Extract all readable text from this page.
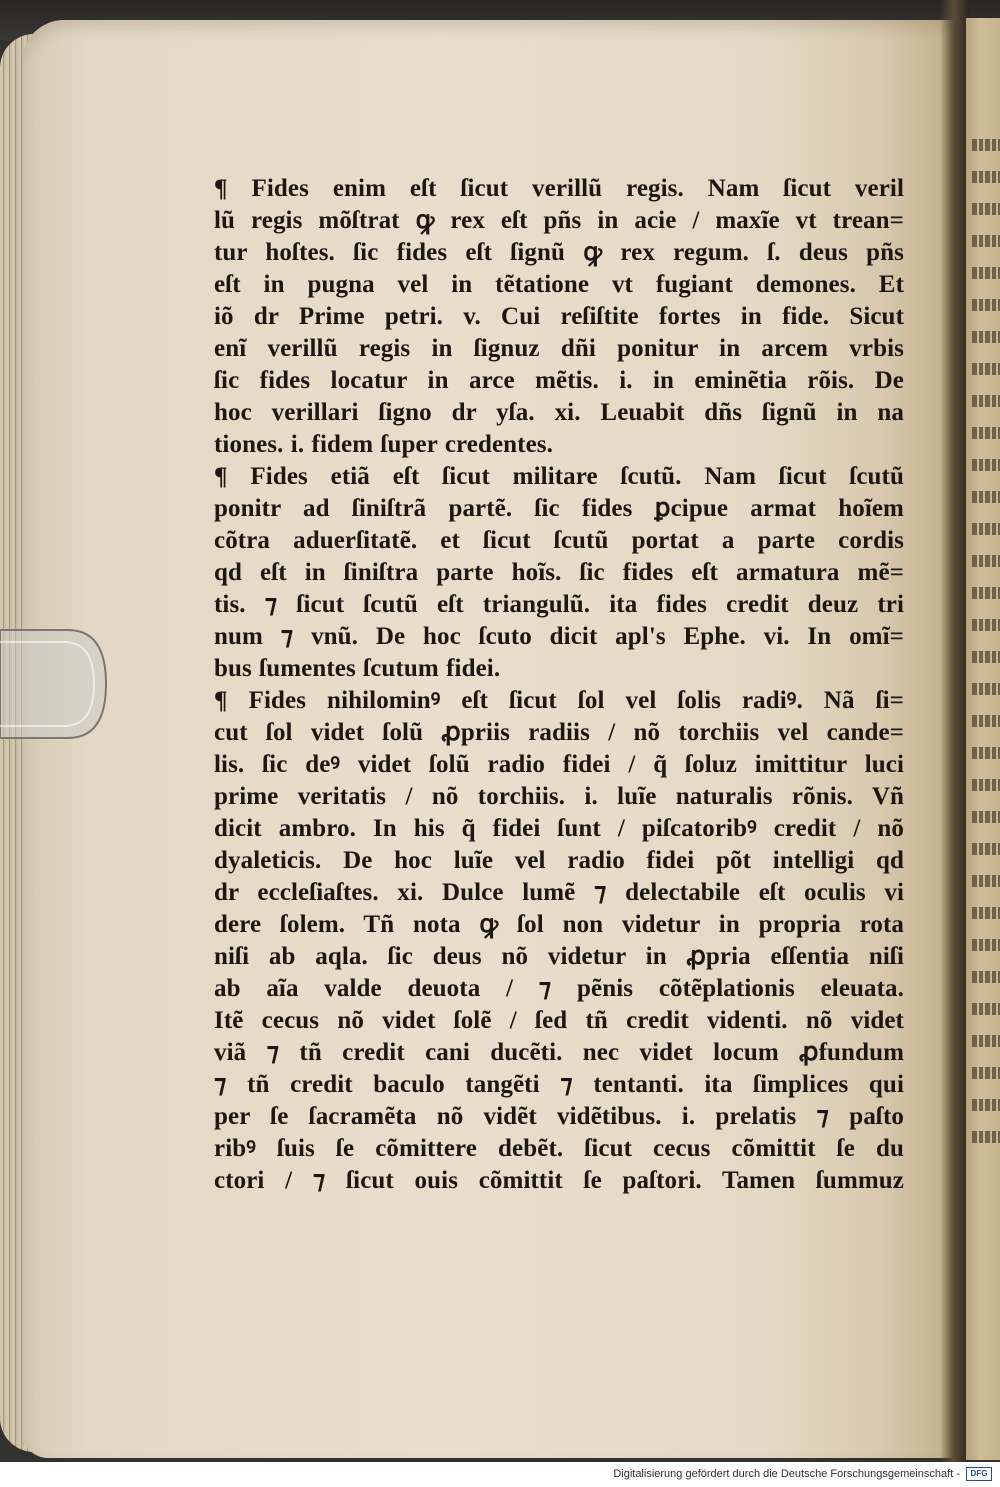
¶ Fides enim eſt ſicut verillũ regis. Nam ſicut veril
lũ regis mõſtrat ꝙ rex eſt pñs in acie / maxĩe vt trean=
tur hoſtes. ſic fides eſt ſignũ ꝙ rex regum. ſ. deus pñs
eſt in pugna vel in tẽtatione vt fugiant demones. Et
iõ dr Prime petri. v. Cui reſiſtite fortes in fide. Sicut
enĩ verillũ regis in ſignuz dñi ponitur in arcem vrbis
ſic fides locatur in arce mẽtis. i. in eminẽtia rõis. De
hoc verillari ſigno dr yſa. xi. Leuabit dñs ſignũ in na
tiones. i. fidem ſuper credentes.
¶ Fides etiã eſt ſicut militare ſcutũ. Nam ſicut ſcutũ
ponitr ad ſiniſtrã partẽ. ſic fides ꝑcipue armat hoĩem
cõtra aduerſitatẽ. et ſicut ſcutũ portat a parte cordis
qd eſt in ſiniſtra parte hoĩs. ſic fides eſt armatura mẽ=
tis. ⁊ ſicut ſcutũ eſt triangulũ. ita fides credit deuz tri
num ⁊ vnũ. De hoc ſcuto dicit apl's Ephe. vi. In omĩ=
bus ſumentes ſcutum fidei.
¶ Fides nihilominꝰ eſt ſicut ſol vel ſolis radiꝰ. Nã ſi=
cut ſol videt ſolũ ꝓpriis radiis / nõ torchiis vel cande=
lis. ſic deꝰ videt ſolũ radio fidei / q̃ ſoluz imittitur luci
prime veritatis / nõ torchiis. i. luĩe naturalis rõnis. Vñ
dicit ambro. In his q̃ fidei ſunt / piſcatoribꝰ credit / nõ
dyaleticis. De hoc luĩe vel radio fidei põt intelligi qd
dr eccleſiaſtes. xi. Dulce lumẽ ⁊ delectabile eſt oculis vi
dere ſolem. Tñ nota ꝙ ſol non videtur in propria rota
niſi ab aqla. ſic deus nõ videtur in ꝓpria eſſentia niſi
ab aĩa valde deuota / ⁊ pẽnis cõtẽplationis eleuata.
Itẽ cecus nõ videt ſolẽ / ſed tñ credit videnti. nõ videt
viã ⁊ tñ credit cani ducẽti. nec videt locum ꝓfundum
⁊ tñ credit baculo tangẽti ⁊ tentanti. ita ſimplices qui
per ſe ſacramẽta nõ vidẽt vidẽtibus. i. prelatis ⁊ paſto
ribꝰ ſuis ſe cõmittere debẽt. ſicut cecus cõmittit ſe du
ctori / ⁊ ſicut ouis cõmittit ſe paſtori. Tamen ſummuz
Digitalisierung gefördert durch die Deutsche Forschungsgemeinschaft -	DFG
